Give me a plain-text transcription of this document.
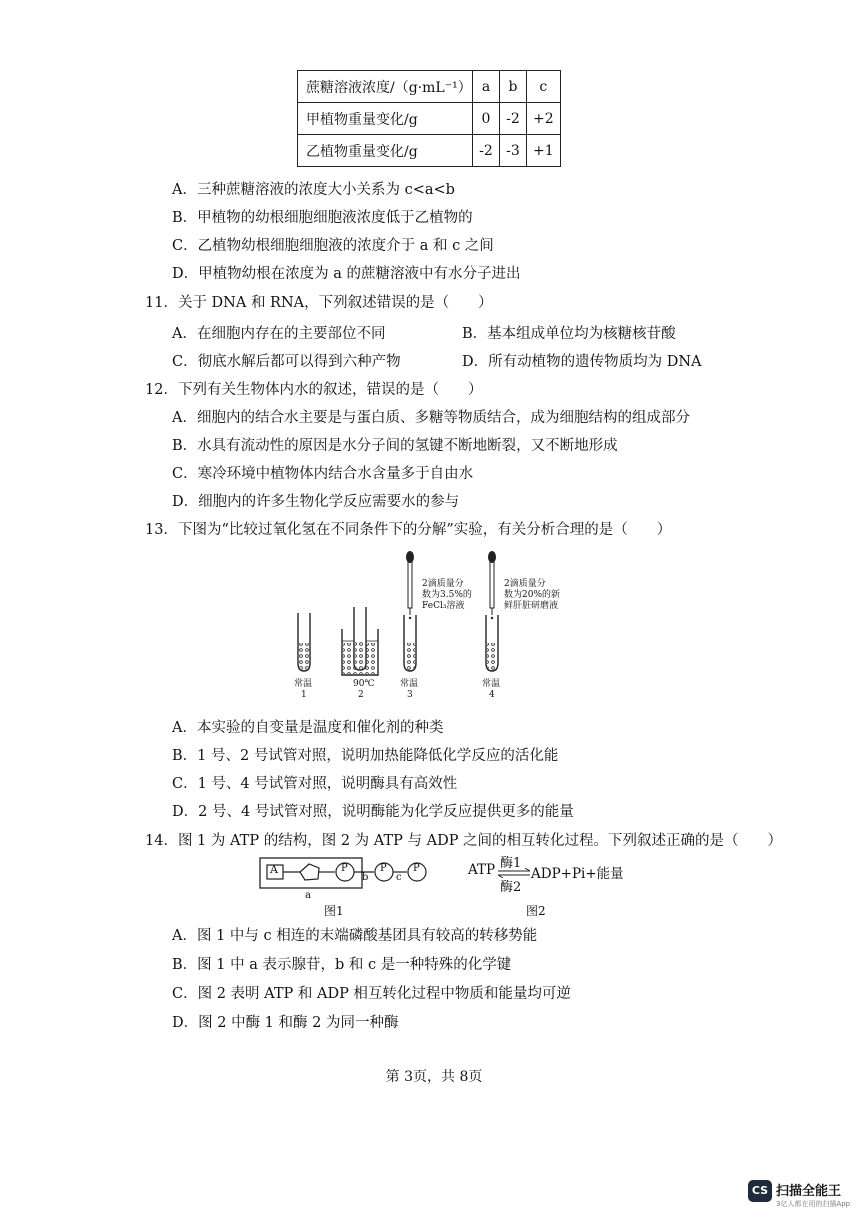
蔗糖溶液浓度/（g·mL⁻¹）	a	b	c
甲植物重量变化/g	0	-2	+2
乙植物重量变化/g	-2	-3	+1
A．三种蔗糖溶液的浓度大小关系为 c<a<b
B．甲植物的幼根细胞细胞液浓度低于乙植物的
C．乙植物幼根细胞细胞液的浓度介于 a 和 c 之间
D．甲植物幼根在浓度为 a 的蔗糖溶液中有水分子进出
11．关于 DNA 和 RNA，下列叙述错误的是（　　）
A．在细胞内存在的主要部位不同	B．基本组成单位均为核糖核苷酸
C．彻底水解后都可以得到六种产物	D．所有动植物的遗传物质均为 DNA
12．下列有关生物体内水的叙述，错误的是（　　）
A．细胞内的结合水主要是与蛋白质、多糖等物质结合，成为细胞结构的组成部分
B．水具有流动性的原因是水分子间的氢键不断地断裂，又不断地形成
C．寒冷环境中植物体内结合水含量多于自由水
D．细胞内的许多生物化学反应需要水的参与
13．下图为“比较过氧化氢在不同条件下的分解”实验，有关分析合理的是（　　）
2滴质量分
数为3.5%的
FeCl₃溶液
2滴质量分
数为20%的新
鲜肝脏研磨液
常温
1
90℃
2
常温
3
常温
4
A．本实验的自变量是温度和催化剂的种类
B．1 号、2 号试管对照，说明加热能降低化学反应的活化能
C．1 号、4 号试管对照，说明酶具有高效性
D．2 号、4 号试管对照，说明酶能为化学反应提供更多的能量
14．图 1 为 ATP 的结构，图 2 为 ATP 与 ADP 之间的相互转化过程。下列叙述正确的是（　　）
A	P	P	P
a
b	c
图1
ATP 酶1
酶2
ADP+Pi+能量
图2
A．图 1 中与 c 相连的末端磷酸基团具有较高的转移势能
B．图 1 中 a 表示腺苷，b 和 c 是一种特殊的化学键
C．图 2 表明 ATP 和 ADP 相互转化过程中物质和能量均可逆
D．图 2 中酶 1 和酶 2 为同一种酶
第 3页，共 8页
CS 扫描全能王
3亿人都在用的扫描App
